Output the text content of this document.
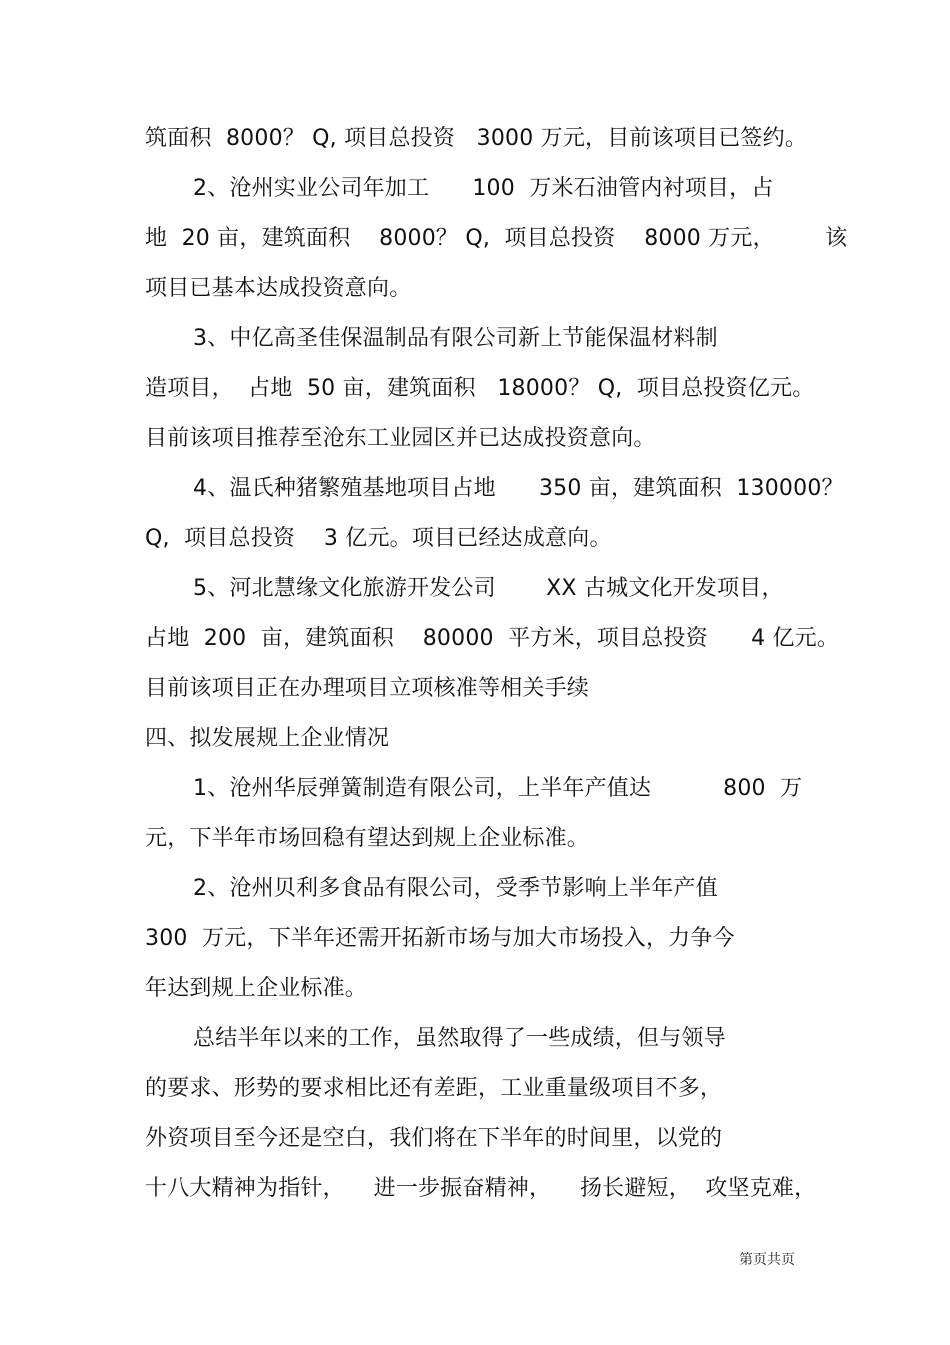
筑面积  8000？ Q, 项目总投资   3000 万元，目前该项目已签约。
2、沧州实业公司年加工      100  万米石油管内衬项目，占
地  20 亩，建筑面积    8000？ Q,  项目总投资    8000 万元，       该
项目已基本达成投资意向。
3、中亿高圣佳保温制品有限公司新上节能保温材料制
造项目，  占地  50 亩，建筑面积   18000？ Q,  项目总投资亿元。
目前该项目推荐至沧东工业园区并已达成投资意向。
4、温氏种猪繁殖基地项目占地      350 亩，建筑面积  130000？
Q,  项目总投资    3 亿元。项目已经达成意向。
5、河北慧缘文化旅游开发公司       XX 古城文化开发项目，
占地  200  亩，建筑面积    80000  平方米，项目总投资      4 亿元。
目前该项目正在办理项目立项核准等相关手续
四、拟发展规上企业情况
1、沧州华辰弹簧制造有限公司，上半年产值达          800  万
元，下半年市场回稳有望达到规上企业标准。
2、沧州贝利多食品有限公司，受季节影响上半年产值
300  万元，下半年还需开拓新市场与加大市场投入，力争今
年达到规上企业标准。
总结半年以来的工作，虽然取得了一些成绩，但与领导
的要求、形势的要求相比还有差距，工业重量级项目不多，
外资项目至今还是空白，我们将在下半年的时间里，以党的
十八大精神为指针，    进一步振奋精神，    扬长避短，  攻坚克难，
第页共页
